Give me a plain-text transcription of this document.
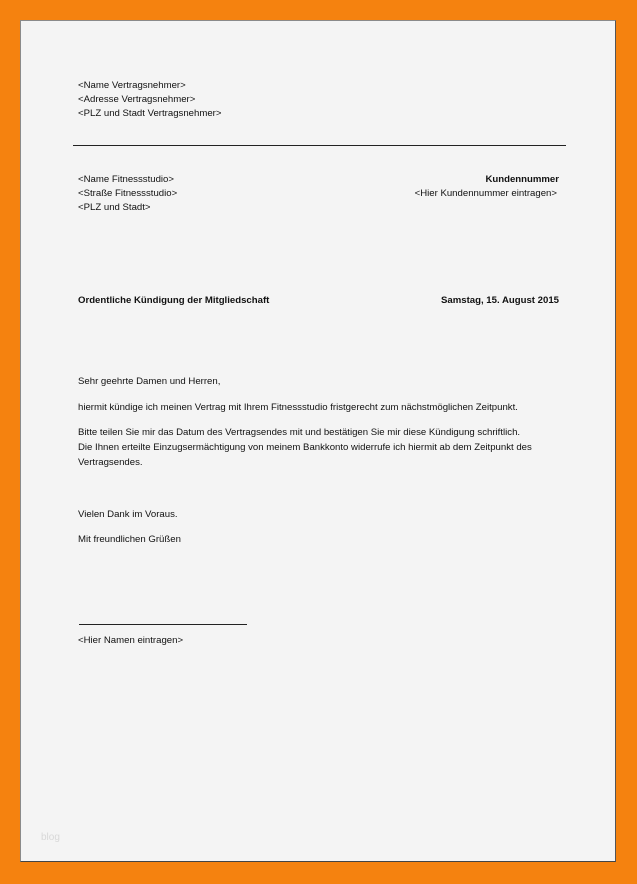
<Name Vertragsnehmer>
<Adresse Vertragsnehmer>
<PLZ und Stadt Vertragsnehmer>
<Name Fitnessstudio>
<Straße Fitnessstudio>
<PLZ und Stadt>
Kundennummer
<Hier Kundennummer eintragen>
Ordentliche Kündigung der Mitgliedschaft	Samstag, 15. August 2015
Sehr geehrte Damen und Herren,
hiermit kündige ich meinen Vertrag mit Ihrem Fitnessstudio fristgerecht zum nächstmöglichen Zeitpunkt.
Bitte teilen Sie mir das Datum des Vertragsendes mit und bestätigen Sie mir diese Kündigung schriftlich.
Die Ihnen erteilte Einzugsermächtigung von meinem Bankkonto widerrufe ich hiermit ab dem Zeitpunkt des
Vertragsendes.
Vielen Dank im Voraus.
Mit freundlichen Grüßen
<Hier Namen eintragen>
blog
